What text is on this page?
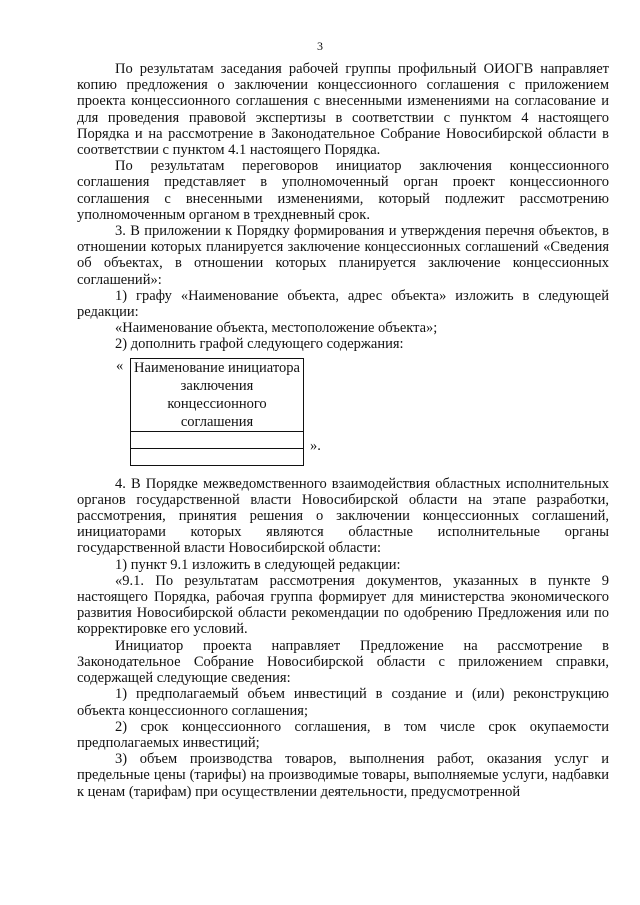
3

По результатам заседания рабочей группы профильный ОИОГВ направляет копию предложения о заключении концессионного соглашения с приложением проекта концессионного соглашения с внесенными изменениями на согласование и для проведения правовой экспертизы в соответствии с пунктом 4 настоящего Порядка и на рассмотрение в Законодательное Собрание Новосибирской области в соответствии с пунктом 4.1 настоящего Порядка.

По результатам переговоров инициатор заключения концессионного соглашения представляет в уполномоченный орган проект концессионного соглашения с внесенными изменениями, который подлежит рассмотрению уполномоченным органом в трехдневный срок.

3. В приложении к Порядку формирования и утверждения перечня объектов, в отношении которых планируется заключение концессионных соглашений «Сведения об объектах, в отношении которых планируется заключение концессионных соглашений»:

1) графу «Наименование объекта, адрес объекта» изложить в следующей редакции:

«Наименование объекта, местоположение объекта»;

2) дополнить графой следующего содержания:

« Наименование инициатора заключения концессионного соглашения

».

4. В Порядке межведомственного взаимодействия областных исполнительных органов государственной власти Новосибирской области на этапе разработки, рассмотрения, принятия решения о заключении концессионных соглашений, инициаторами которых являются областные исполнительные органы государственной власти Новосибирской области:

1) пункт 9.1 изложить в следующей редакции:

«9.1. По результатам рассмотрения документов, указанных в пункте 9 настоящего Порядка, рабочая группа формирует для министерства экономического развития Новосибирской области рекомендации по одобрению Предложения или по корректировке его условий.

Инициатор проекта направляет Предложение на рассмотрение в Законодательное Собрание Новосибирской области с приложением справки, содержащей следующие сведения:

1) предполагаемый объем инвестиций в создание и (или) реконструкцию объекта концессионного соглашения;

2) срок концессионного соглашения, в том числе срок окупаемости предполагаемых инвестиций;

3) объем производства товаров, выполнения работ, оказания услуг и предельные цены (тарифы) на производимые товары, выполняемые услуги, надбавки к ценам (тарифам) при осуществлении деятельности, предусмотренной
